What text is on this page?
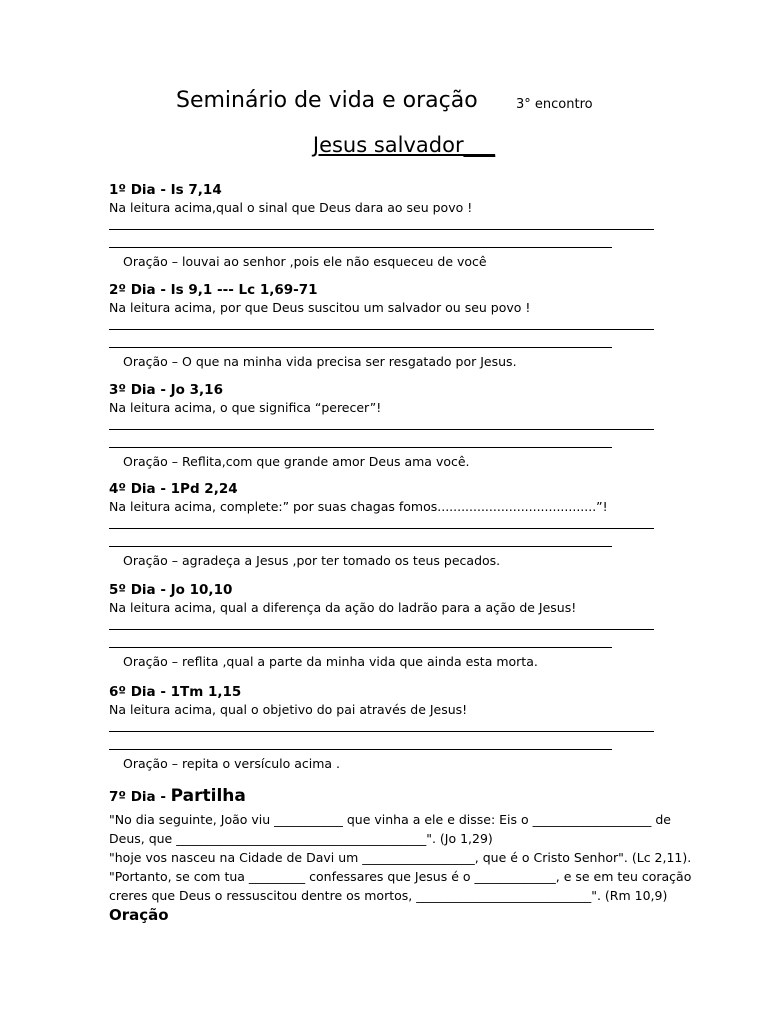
Seminário de vida e oração	3° encontro
Jesus salvador___
1º Dia - Is 7,14
Na leitura acima,qual o sinal que Deus dara ao seu povo !
Oração – louvai ao senhor ,pois ele não esqueceu de você
2º Dia - Is 9,1 --- Lc 1,69-71
Na leitura acima, por que Deus suscitou um salvador ou seu povo !
Oração – O que na minha vida precisa ser resgatado por Jesus.
3º Dia - Jo 3,16
Na leitura acima, o que significa “perecer”!
Oração – Reflita,com que grande amor Deus ama você.
4º Dia - 1Pd 2,24
Na leitura acima, complete:” por suas chagas fomos........................................”!
Oração – agradeça a Jesus ,por ter tomado os teus pecados.
5º Dia - Jo 10,10
Na leitura acima, qual a diferença da ação do ladrão para a ação de Jesus!
Oração – reflita ,qual a parte da minha vida que ainda esta morta.
6º Dia - 1Tm 1,15
Na leitura acima, qual o objetivo do pai através de Jesus!
Oração – repita o versículo acima .
7º Dia - Partilha
"No dia seguinte, João viu ___________ que vinha a ele e disse: Eis o ___________________ de
Deus, que ________________________________________". (Jo 1,29)
"hoje vos nasceu na Cidade de Davi um __________________, que é o Cristo Senhor". (Lc 2,11).
"Portanto, se com tua _________ confessares que Jesus é o _____________, e se em teu coração
creres que Deus o ressuscitou dentre os mortos, ____________________________". (Rm 10,9)
Oração
